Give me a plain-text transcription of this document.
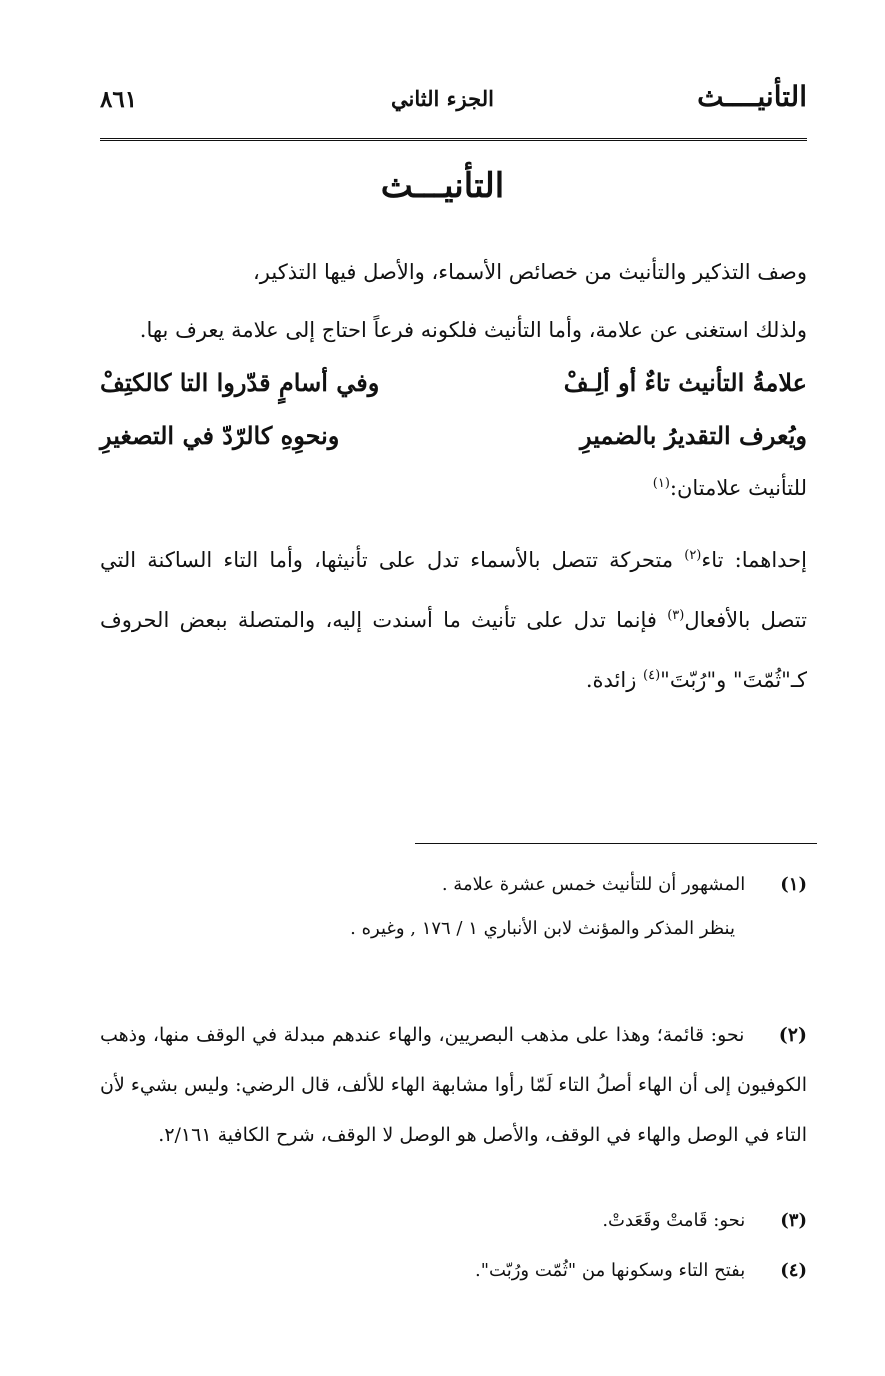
التأنيــــث
الجزء الثاني
٨٦١
التأنيـــث
وصف التذكير والتأنيث من خصائص الأسماء، والأصل فيها التذكير،
ولذلك استغنى عن علامة، وأما التأنيث فلكونه فرعاً احتاج إلى علامة يعرف بها.
علامةُ التأنيث تاءٌ أو ألِـفْ
وفي أسامٍ قدّروا التا كالكتِفْ
ويُعرف التقديرُ بالضميرِ
ونحوِهِ كالرّدّ في التصغيرِ
للتأنيث علامتان:$^{(١)}$
إحداهما: تاء$^{(٢)}$ متحركة تتصل بالأسماء تدل على تأنيثها، وأما التاء الساكنة التي تتصل بالأفعال$^{(٣)}$ فإنما تدل على تأنيث ما أسندت إليه، والمتصلة ببعض الحروف كـ"ثُمّتَ" و"رُبّتَ"$^{(٤)}$ زائدة.
(١) المشهور أن للتأنيث خمس عشرة علامة .
ينظر المذكر والمؤنث لابن الأنباري ١ / ١٧٦ , وغيره .
(٢) نحو: قائمة؛ وهذا على مذهب البصريين، والهاء عندهم مبدلة في الوقف منها، وذهب الكوفيون إلى أن الهاء أصلُ التاء لَمّا رأوا مشابهة الهاء للألف، قال الرضي: وليس بشيء لأن التاء في الوصل والهاء في الوقف، والأصل هو الوصل لا الوقف، شرح الكافية ٢/١٦١.
(٣) نحو: قَامتْ وقَعَدتْ.
(٤) بفتح التاء وسكونها من "ثُمّت ورُبّت".
